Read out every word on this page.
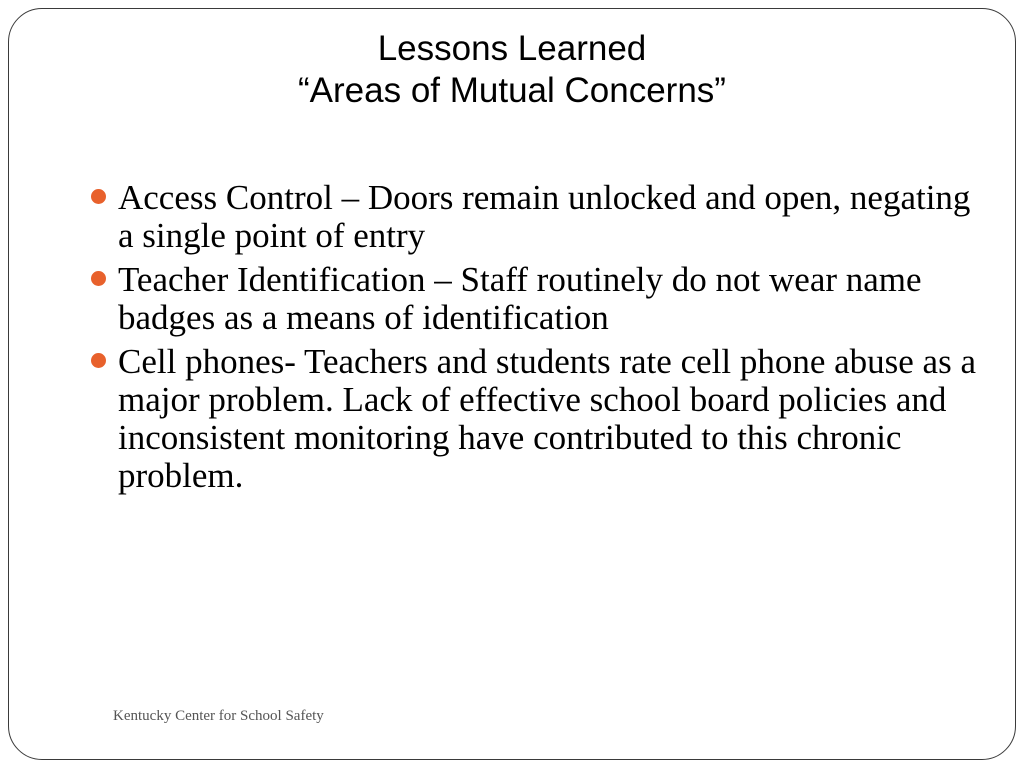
Lessons Learned
“Areas of Mutual Concerns”
Access Control – Doors remain unlocked and open, negating a single point of entry
Teacher Identification – Staff routinely do not wear name badges as a means of identification
Cell phones- Teachers and students rate cell phone abuse as a major problem. Lack of effective school board policies and inconsistent monitoring have contributed to this chronic problem.
Kentucky Center for School Safety
